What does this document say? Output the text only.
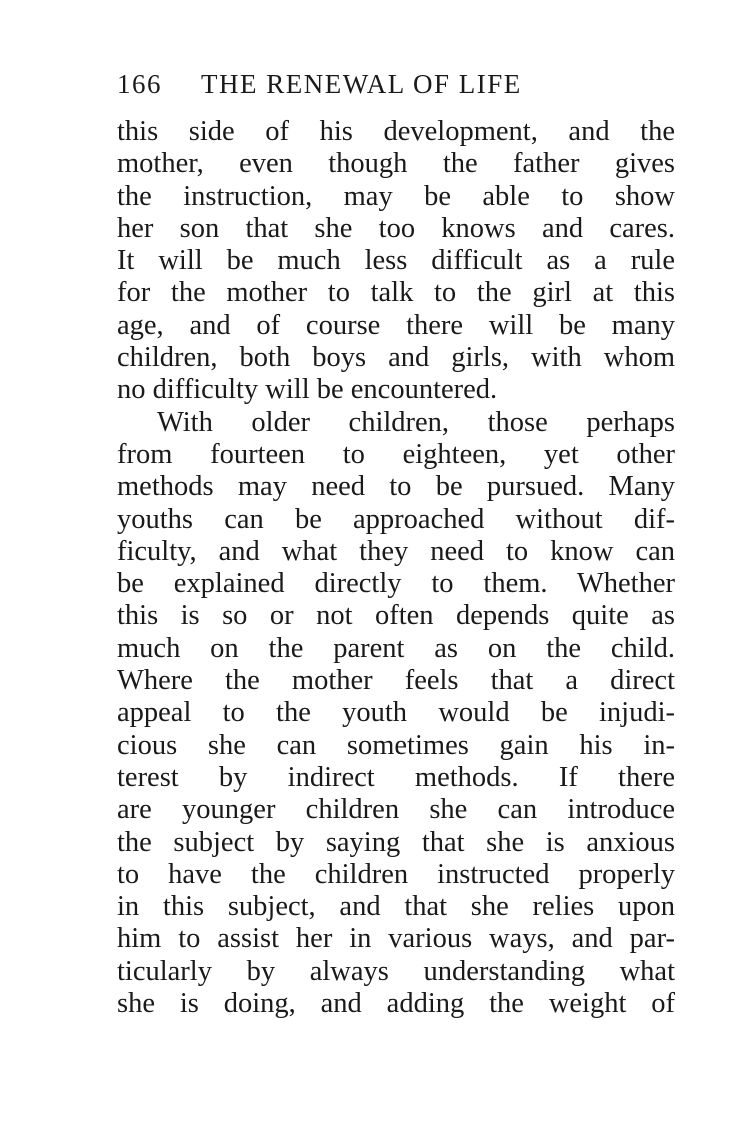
166 THE RENEWAL OF LIFE
this side of his development, and the
mother, even though the father gives
the instruction, may be able to show
her son that she too knows and cares.
It will be much less difficult as a rule
for the mother to talk to the girl at this
age, and of course there will be many
children, both boys and girls, with whom
no difficulty will be encountered.
With older children, those perhaps
from fourteen to eighteen, yet other
methods may need to be pursued. Many
youths can be approached without dif-
ficulty, and what they need to know can
be explained directly to them. Whether
this is so or not often depends quite as
much on the parent as on the child.
Where the mother feels that a direct
appeal to the youth would be injudi-
cious she can sometimes gain his in-
terest by indirect methods. If there
are younger children she can introduce
the subject by saying that she is anxious
to have the children instructed properly
in this subject, and that she relies upon
him to assist her in various ways, and par-
ticularly by always understanding what
she is doing, and adding the weight of
